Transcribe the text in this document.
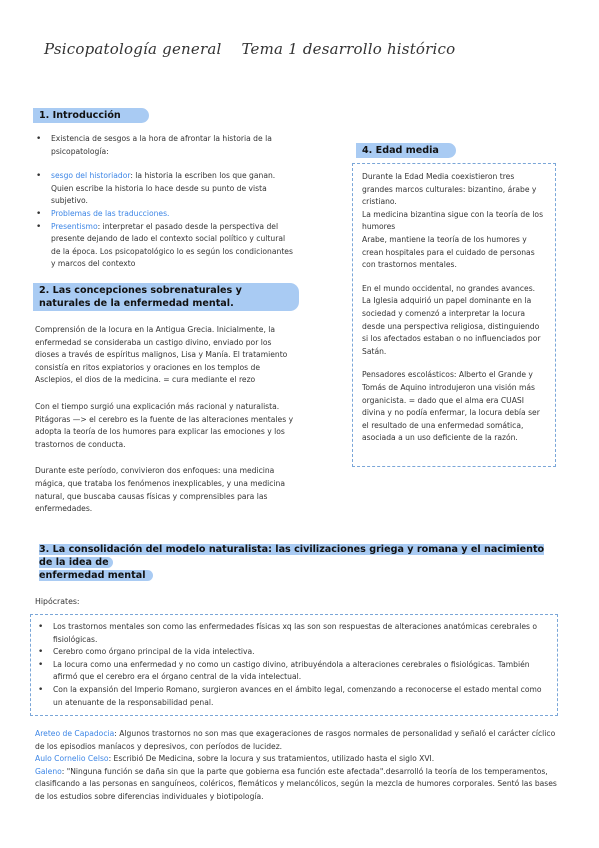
Psicopatología general Tema 1 desarrollo histórico
1. Introducción
• Existencia de sesgos a la hora de afrontar la historia de la psicopatología:
• sesgo del historiador: la historia la escriben los que ganan. Quien escribe la historia lo hace desde su punto de vista subjetivo.
• Problemas de las traducciones.
• Presentismo: interpretar el pasado desde la perspectiva del presente dejando de lado el contexto social político y cultural de la época. Los psicopatológico lo es según los condicionantes y marcos del contexto
2. Las concepciones sobrenaturales y naturales de la enfermedad mental.

Comprensión de la locura en la Antigua Grecia. Inicialmente, la enfermedad se consideraba un castigo divino, enviado por los dioses a través de espíritus malignos, Lisa y Manía. El tratamiento consistía en ritos expiatorios y oraciones en los templos de Asclepios, el dios de la medicina. = cura mediante el rezo

Con el tiempo surgió una explicación más racional y naturalista. Pitágoras —> el cerebro es la fuente de las alteraciones mentales y adopta la teoría de los humores para explicar las emociones y los trastornos de conducta.

Durante este período, convivieron dos enfoques: una medicina mágica, que trataba los fenómenos inexplicables, y una medicina natural, que buscaba causas físicas y comprensibles para las enfermedades.

4. Edad media

Durante la Edad Media coexistieron tres grandes marcos culturales: bizantino, árabe y cristiano.
La medicina bizantina sigue con la teoría de los humores
Arabe, mantiene la teoría de los humores y crean hospitales para el cuidado de personas con trastornos mentales.

En el mundo occidental, no grandes avances. La Iglesia adquirió un papel dominante en la sociedad y comenzó a interpretar la locura desde una perspectiva religiosa, distinguiendo si los afectados estaban o no influenciados por Satán.

Pensadores escolásticos: Alberto el Grande y Tomás de Aquino introdujeron una visión más organicista. = dado que el alma era CUASI divina y no podía enfermar, la locura debía ser el resultado de una enfermedad somática, asociada a un uso deficiente de la razón.

3. La consolidación del modelo naturalista: las civilizaciones griega y romana y el nacimiento de la idea de
enfermedad mental
Hipócrates:
• Los trastornos mentales son como las enfermedades físicas xq las son son respuestas de alteraciones anatómicas cerebrales o fisiológicas.
• Cerebro como órgano principal de la vida intelectiva.
• La locura como una enfermedad y no como un castigo divino, atribuyéndola a alteraciones cerebrales o fisiológicas. También afirmó que el cerebro era el órgano central de la vida intelectual.
• Con la expansión del Imperio Romano, surgieron avances en el ámbito legal, comenzando a reconocerse el estado mental como un atenuante de la responsabilidad penal.

Areteo de Capadocia: Algunos trastornos no son mas que exageraciones de rasgos normales de personalidad y señaló el carácter cíclico de los episodios maníacos y depresivos, con períodos de lucidez.

Aulo Cornelio Celso: Escribió De Medicina, sobre la locura y sus tratamientos, utilizado hasta el siglo XVI.

Galeno: "Ninguna función se daña sin que la parte que gobierna esa función este afectada".desarrolló la teoría de los temperamentos, clasificando a las personas en sanguíneos, coléricos, flemáticos y melancólicos, según la mezcla de humores corporales. Sentó las bases de los estudios sobre diferencias individuales y biotipología.
